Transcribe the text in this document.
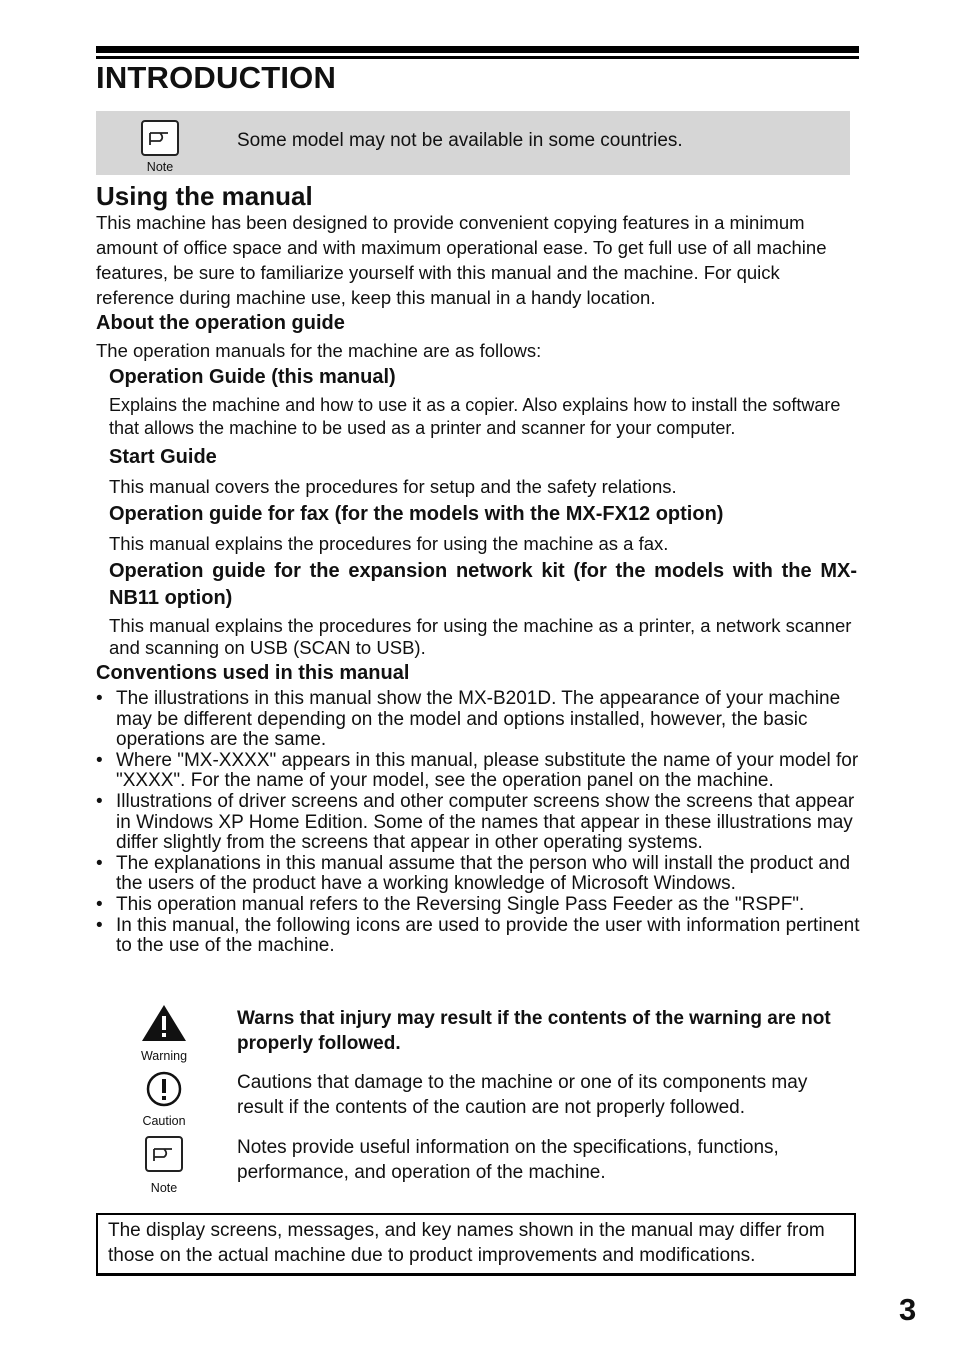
INTRODUCTION
Note
Some model may not be available in some countries.
Using the manual
This machine has been designed to provide convenient copying features in a minimum amount of office space and with maximum operational ease. To get full use of all machine features, be sure to familiarize yourself with this manual and the machine. For quick reference during machine use, keep this manual in a handy location.
About the operation guide
The operation manuals for the machine are as follows:
Operation Guide (this manual)
Explains the machine and how to use it as a copier. Also explains how to install the software that allows the machine to be used as a printer and scanner for your computer.
Start Guide
This manual covers the procedures for setup and the safety relations.
Operation guide for fax (for the models with the MX-FX12 option)
This manual explains the procedures for using the machine as a fax.
Operation guide for the expansion network kit (for the models with the MX-NB11 option)
This manual explains the procedures for using the machine as a printer, a network scanner and scanning on USB (SCAN to USB).
Conventions used in this manual
• The illustrations in this manual show the MX-B201D. The appearance of your machine may be different depending on the model and options installed, however, the basic operations are the same.
• Where "MX-XXXX" appears in this manual, please substitute the name of your model for "XXXX". For the name of your model, see the operation panel on the machine.
• Illustrations of driver screens and other computer screens show the screens that appear in Windows XP Home Edition. Some of the names that appear in these illustrations may differ slightly from the screens that appear in other operating systems.
• The explanations in this manual assume that the person who will install the product and the users of the product have a working knowledge of Microsoft Windows.
• This operation manual refers to the Reversing Single Pass Feeder as the "RSPF".
• In this manual, the following icons are used to provide the user with information pertinent to the use of the machine.
Warning
Warns that injury may result if the contents of the warning are not properly followed.
Caution
Cautions that damage to the machine or one of its components may result if the contents of the caution are not properly followed.
Note
Notes provide useful information on the specifications, functions, performance, and operation of the machine.
The display screens, messages, and key names shown in the manual may differ from those on the actual machine due to product improvements and modifications.
3
